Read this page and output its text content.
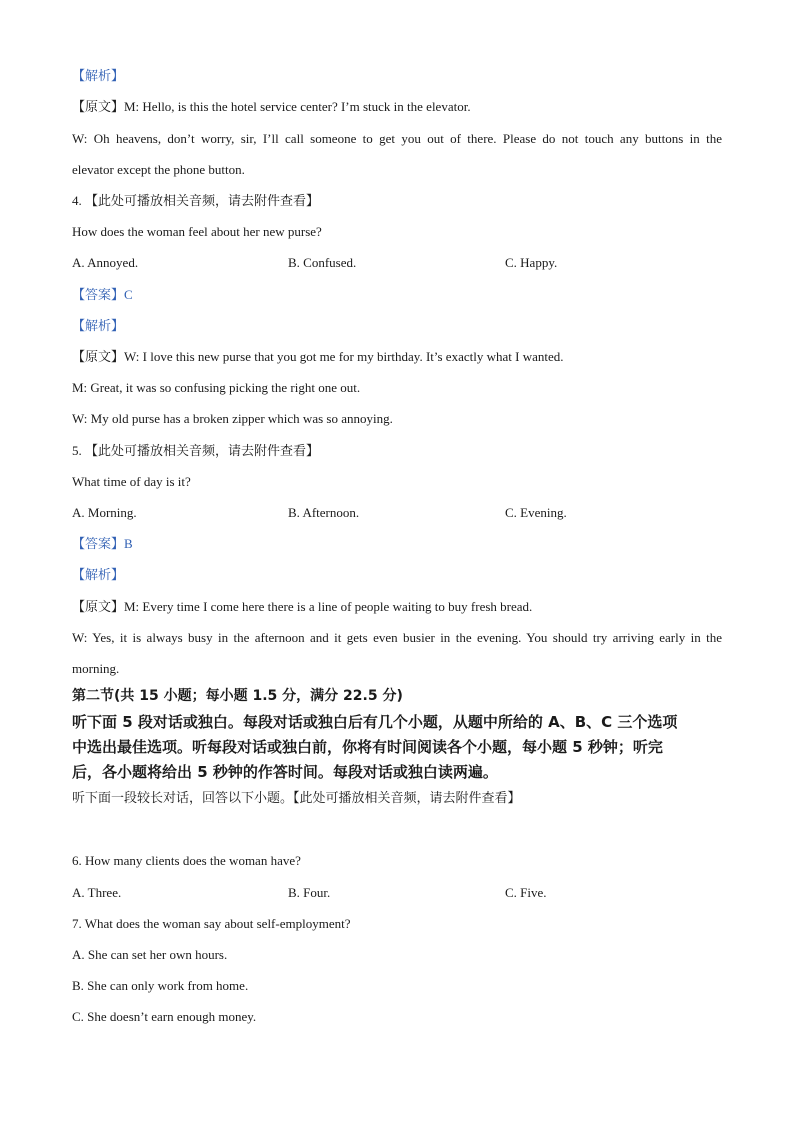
【解析】
【原文】M: Hello, is this the hotel service center? I’m stuck in the elevator.
W: Oh heavens, don’t worry, sir, I’ll call someone to get you out of there. Please do not touch any buttons in the
elevator except the phone button.
4. 【此处可播放相关音频，请去附件查看】
How does the woman feel about her new purse?
A. Annoyed.	B. Confused.	C. Happy.
【答案】C
【解析】
【原文】W: I love this new purse that you got me for my birthday. It’s exactly what I wanted.
M: Great, it was so confusing picking the right one out.
W: My old purse has a broken zipper which was so annoying.
5. 【此处可播放相关音频，请去附件查看】
What time of day is it?
A. Morning.	B. Afternoon.	C. Evening.
【答案】B
【解析】
【原文】M: Every time I come here there is a line of people waiting to buy fresh bread.
W: Yes, it is always busy in the afternoon and it gets even busier in the evening. You should try arriving early in the
morning.
第二节(共 15 小题；每小题 1.5 分，满分 22.5 分)
听下面 5 段对话或独白。每段对话或独白后有几个小题，从题中所给的 A、B、C 三个选项
中选出最佳选项。听每段对话或独白前，你将有时间阅读各个小题，每小题 5 秒钟；听完
后，各小题将给出 5 秒钟的作答时间。每段对话或独白读两遍。
听下面一段较长对话，回答以下小题。【此处可播放相关音频，请去附件查看】
6. How many clients does the woman have?
A. Three.	B. Four.	C. Five.
7. What does the woman say about self-employment?
A. She can set her own hours.
B. She can only work from home.
C. She doesn’t earn enough money.
